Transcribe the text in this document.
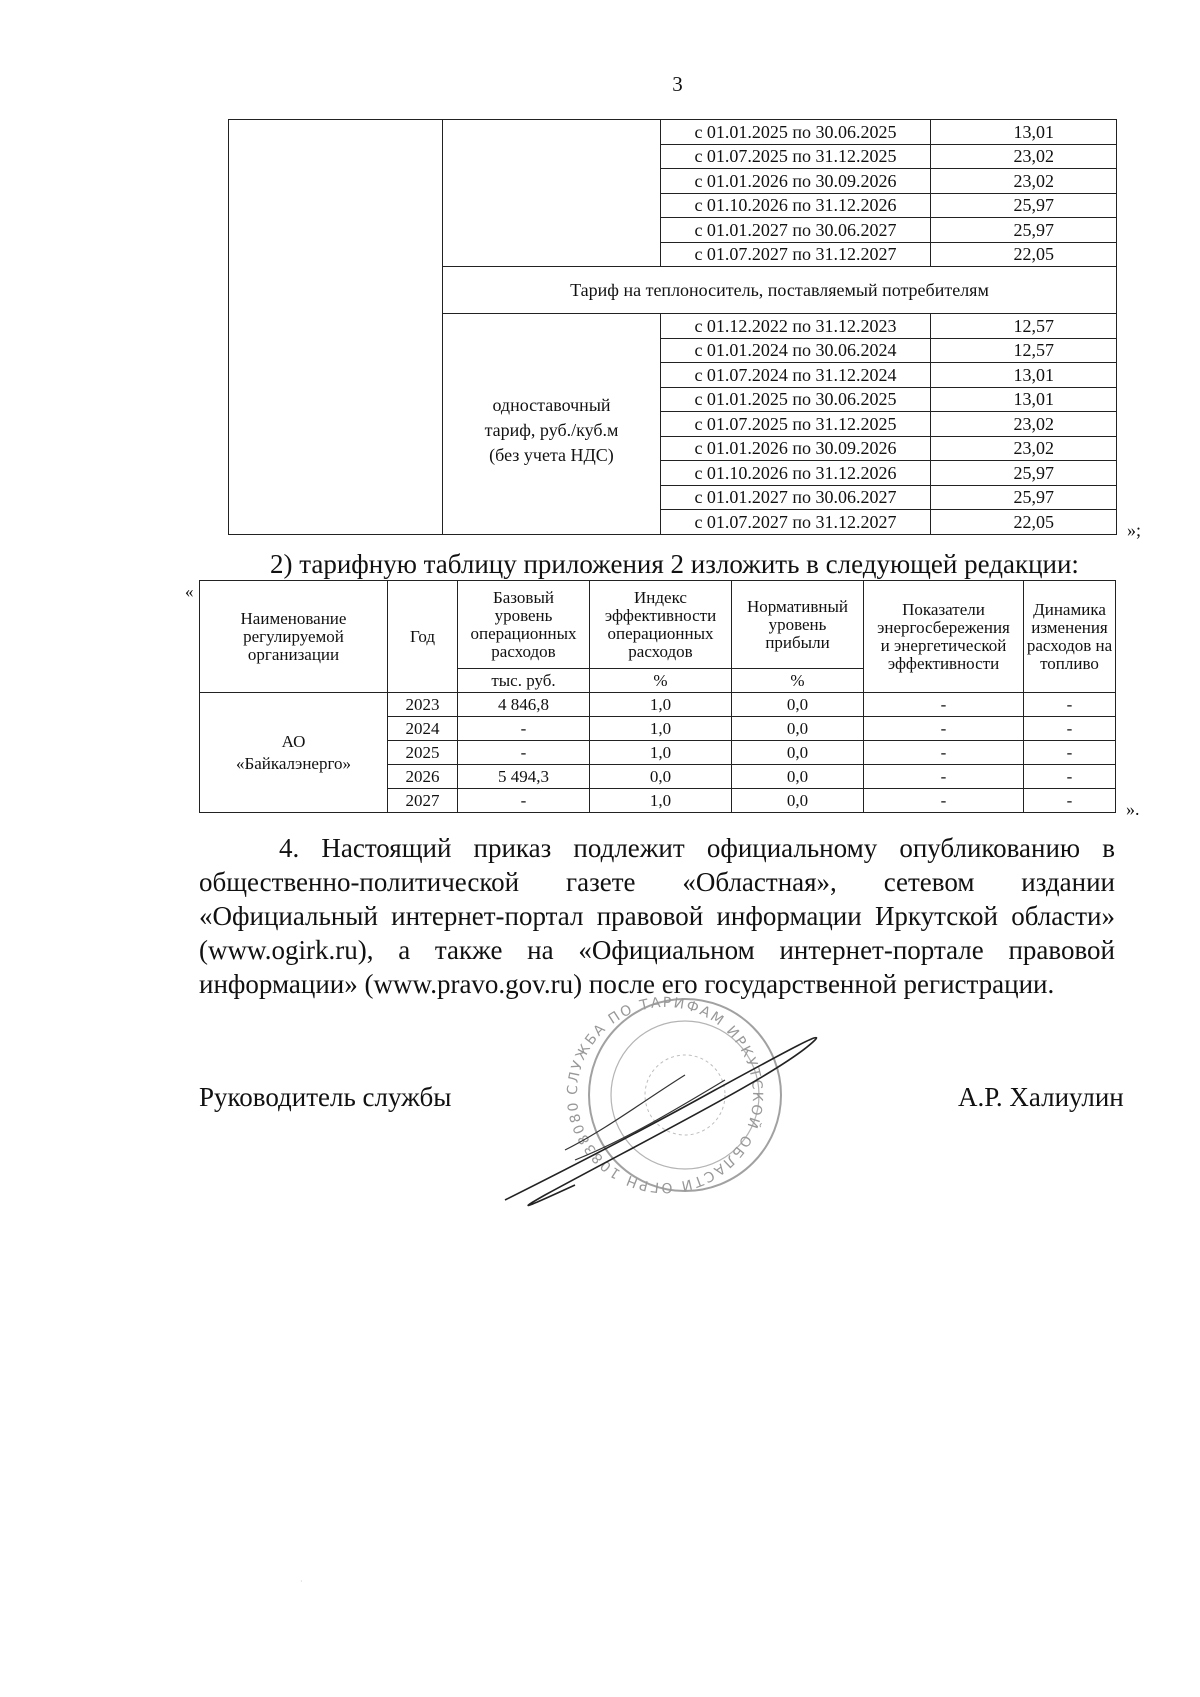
3
		с 01.01.2025 по 30.06.2025	13,01
		с 01.07.2025 по 31.12.2025	23,02
		с 01.01.2026 по 30.09.2026	23,02
		с 01.10.2026 по 31.12.2026	25,97
		с 01.01.2027 по 30.06.2027	25,97
		с 01.07.2027 по 31.12.2027	22,05
	Тариф на теплоноситель, поставляемый потребителям		
	одноставочный
тариф, руб./куб.м
(без учета НДС)	с 01.12.2022 по 31.12.2023	12,57
		с 01.01.2024 по 30.06.2024	12,57
		с 01.07.2024 по 31.12.2024	13,01
		с 01.01.2025 по 30.06.2025	13,01
		с 01.07.2025 по 31.12.2025	23,02
		с 01.01.2026 по 30.09.2026	23,02
		с 01.10.2026 по 31.12.2026	25,97
		с 01.01.2027 по 30.06.2027	25,97
		с 01.07.2027 по 31.12.2027	22,05	»;
2) тарифную таблицу приложения 2 изложить в следующей редакции:
«
Наименование
регулируемой
организации	Год	Базовый
уровень
операционных
расходов	Индекс
эффективности
операционных
расходов	Нормативный
уровень
прибыли	Показатели
энергосбережения
и энергетической
эффективности	Динамика
изменения
расходов на
топливо
		тыс. руб.	%	%		
АО
«Байкалэнерго»	2023	4 846,8	1,0	0,0	-	-
	2024	-	1,0	0,0	-	-
	2025	-	1,0	0,0	-	-
	2026	5 494,3	0,0	0,0	-	-
	2027	-	1,0	0,0	-	-	».
4. Настоящий приказ подлежит официальному опубликованию в общественно-политической газете «Областная», сетевом издании «Официальный интернет-портал правовой информации Иркутской области» (www.ogirk.ru), а также на «Официальном интернет-портале правовой информации» (www.pravo.gov.ru) после его государственной регистрации.
Руководитель службы	А.Р. Халиулин
СЛУЖБА ПО ТАРИФАМ ИРКУТСКОЙ ОБЛАСТИ ОГРН 10838080
·
